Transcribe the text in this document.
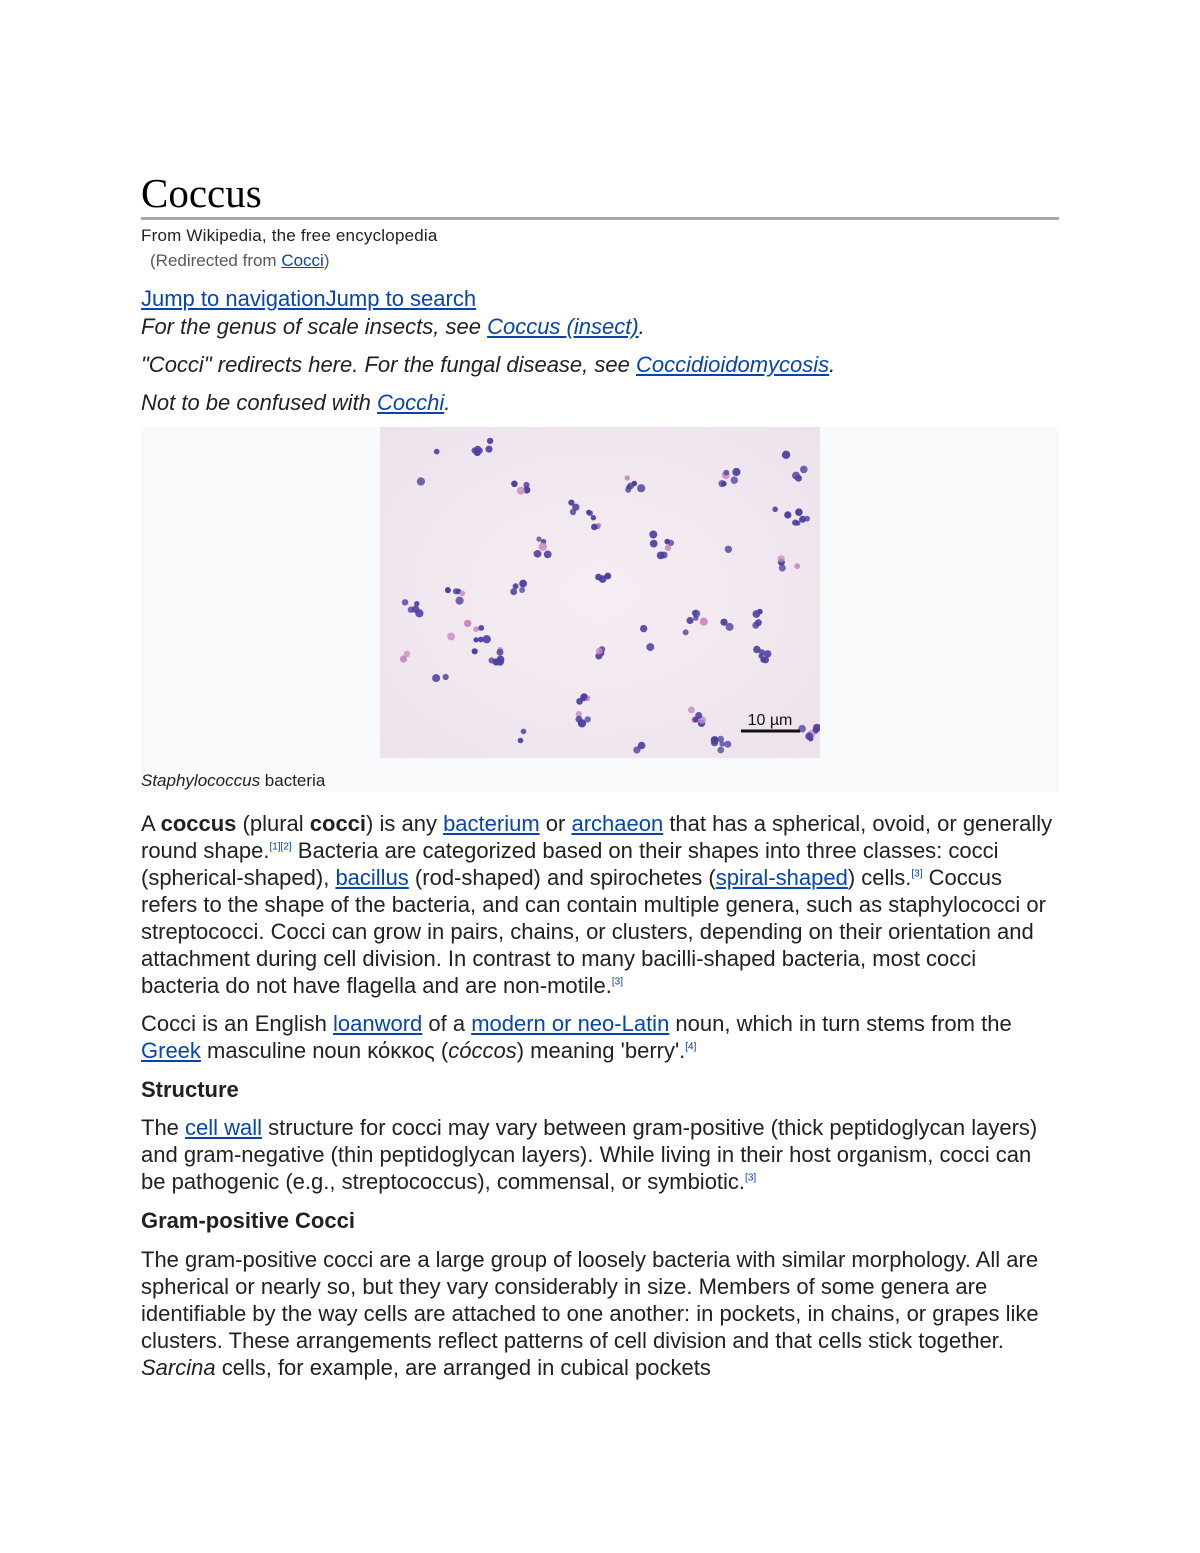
Coccus
From Wikipedia, the free encyclopedia
(Redirected from Cocci)
Jump to navigationJump to search

For the genus of scale insects, see Coccus (insect).

"Cocci" redirects here. For the fungal disease, see Coccidioidomycosis.

Not to be confused with Cocchi.

10 µm
Staphylococcus bacteria

A coccus (plural cocci) is any bacterium or archaeon that has a spherical, ovoid, or generally round shape.[1][2] Bacteria are categorized based on their shapes into three classes: cocci (spherical-shaped), bacillus (rod-shaped) and spirochetes (spiral-shaped) cells.[3] Coccus refers to the shape of the bacteria, and can contain multiple genera, such as staphylococci or streptococci. Cocci can grow in pairs, chains, or clusters, depending on their orientation and attachment during cell division. In contrast to many bacilli-shaped bacteria, most cocci bacteria do not have flagella and are non-motile.[3]

Cocci is an English loanword of a modern or neo-Latin noun, which in turn stems from the Greek masculine noun κόκκος (cóccos) meaning 'berry'.[4]

Structure

The cell wall structure for cocci may vary between gram-positive (thick peptidoglycan layers) and gram-negative (thin peptidoglycan layers). While living in their host organism, cocci can be pathogenic (e.g., streptococcus), commensal, or symbiotic.[3]

Gram-positive Cocci

The gram-positive cocci are a large group of loosely bacteria with similar morphology. All are spherical or nearly so, but they vary considerably in size. Members of some genera are identifiable by the way cells are attached to one another: in pockets, in chains, or grapes like clusters. These arrangements reflect patterns of cell division and that cells stick together. Sarcina cells, for example, are arranged in cubical pockets
